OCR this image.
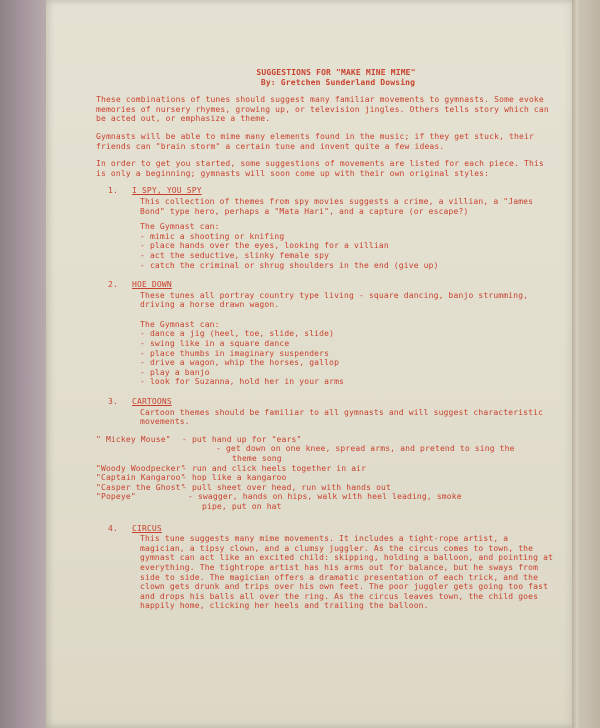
SUGGESTIONS FOR "MAKE MINE MIME"
By: Gretchen Sunderland Dowsing

These combinations of tunes should suggest many familiar movements to gymnasts. Some evoke memories of nursery rhymes, growing up, or television jingles. Others tells story which can be acted out, or emphasize a theme.

Gymnasts will be able to mime many elements found in the music; if they get stuck, their friends can "brain storm" a certain tune and invent quite a few ideas.

In order to get you started, some suggestions of movements are listed for each piece. This is only a beginning; gymnasts will soon come up with their own original styles:

1. I SPY, YOU SPY
This collection of themes from spy movies suggests a crime, a villian, a "James Bond" type hero, perhaps a "Mata Hari", and a capture (or escape?)
The Gymnast can:
- mimic a shooting or knifing
- place hands over the eyes, looking for a villian
- act the seductive, slinky female spy
- catch the criminal or shrug shoulders in the end (give up)
2. HOE DOWN
These tunes all portray country type living - square dancing, banjo strumming, driving a horse drawn wagon.
The Gymnast can:
- dance a jig (heel, toe, slide, slide)
- swing like in a square dance
- place thumbs in imaginary suspenders
- drive a wagon, whip the horses, gallop
- play a banjo
- look for Suzanna, hold her in your arms
3. CARTOONS
Cartoon themes should be familiar to all gymnasts and will suggest characteristic movements.
" Mickey Mouse"	- put hand up for "ears"
- get down on one knee, spread arms, and pretend to sing the
theme song
"Woody Woodpecker"
- run and click heels together in air
"Captain Kangaroo"
- hop like a kangaroo
"Casper the Ghost"
- pull sheet over head, run with hands out
"Popeye"	- swagger, hands on hips, walk with heel leading, smoke
pipe, put on hat
4. CIRCUS
This tune suggests many mime movements. It includes a tight-rope artist, a magician, a tipsy clown, and a clumsy juggler. As the circus comes to town, the gymnast can act like an excited child: skipping, holding a balloon, and pointing at everything. The tightrope artist has his arms out for balance, but he sways from side to side. The magician offers a dramatic presentation of each trick, and the clown gets drunk and trips over his own feet. The poor juggler gets going too fast and drops his balls all over the ring. As the circus leaves town, the child goes happily home, clicking her heels and trailing the balloon.
